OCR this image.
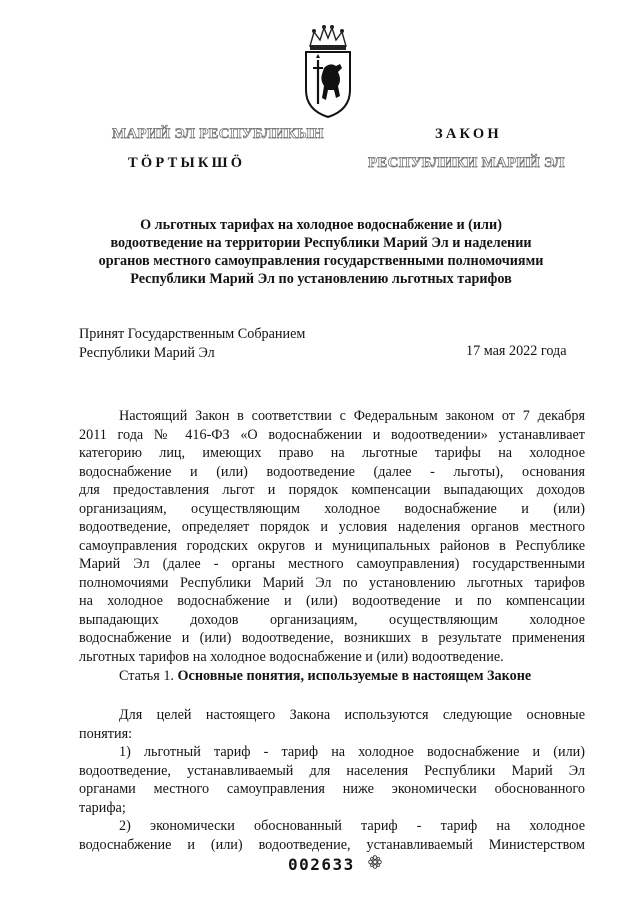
МАРИЙ ЭЛ РЕСПУБЛИКЫН
ТӦРТЫКШӦ
ЗАКОН
РЕСПУБЛИКИ МАРИЙ ЭЛ
О льготных тарифах на холодное водоснабжение и (или)
водоотведение на территории Республики Марий Эл и наделении
органов местного самоуправления государственными полномочиями
Республики Марий Эл по установлению льготных тарифов
Принят Государственным Собранием
Республики Марий Эл	17 мая 2022 года
Настоящий Закон в соответствии с Федеральным законом от 7 декабря
2011 года № 416-ФЗ «О водоснабжении и водоотведении» устанавливает
категорию лиц, имеющих право на льготные тарифы на холодное
водоснабжение и (или) водоотведение (далее - льготы), основания
для предоставления льгот и порядок компенсации выпадающих доходов
организациям, осуществляющим холодное водоснабжение и (или)
водоотведение, определяет порядок и условия наделения органов местного
самоуправления городских округов и муниципальных районов в Республике
Марий Эл (далее - органы местного самоуправления) государственными
полномочиями Республики Марий Эл по установлению льготных тарифов
на холодное водоснабжение и (или) водоотведение и по компенсации
выпадающих доходов организациям, осуществляющим холодное
водоснабжение и (или) водоотведение, возникших в результате применения
льготных тарифов на холодное водоснабжение и (или) водоотведение.
Статья 1. Основные понятия, используемые в настоящем Законе
Для целей настоящего Закона используются следующие основные
понятия:
1) льготный тариф - тариф на холодное водоснабжение и (или)
водоотведение, устанавливаемый для населения Республики Марий Эл
органами местного самоуправления ниже экономически обоснованного
тарифа;
2) экономически обоснованный тариф - тариф на холодное
водоснабжение и (или) водоотведение, устанавливаемый Министерством
002633
